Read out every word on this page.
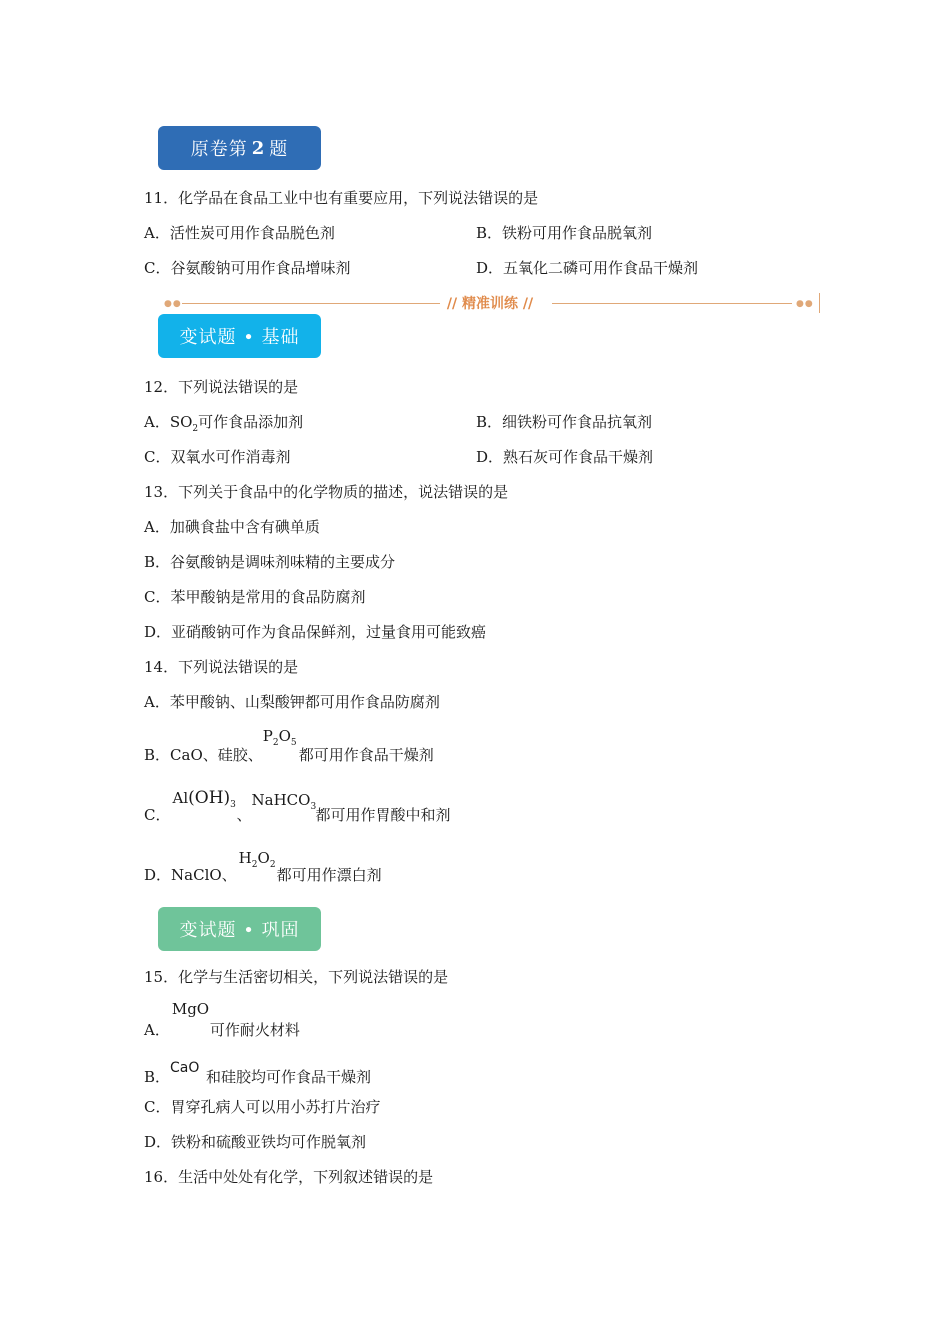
原卷第 2 题
11．化学品在食品工业中也有重要应用，下列说法错误的是
A．活性炭可用作食品脱色剂	B．铁粉可用作食品脱氧剂
C．谷氨酸钠可用作食品增味剂	D．五氧化二磷可用作食品干燥剂
●●	// 精准训练 //	●●
变试题 • 基础
12．下列说法错误的是
A．$SO_2$可作食品添加剂	B．细铁粉可作食品抗氧剂
C．双氧水可作消毒剂	D．熟石灰可作食品干燥剂
13．下列关于食品中的化学物质的描述，说法错误的是
A．加碘食盐中含有碘单质
B．谷氨酸钠是调味剂味精的主要成分
C．苯甲酸钠是常用的食品防腐剂
D．亚硝酸钠可作为食品保鲜剂，过量食用可能致癌
14．下列说法错误的是
A．苯甲酸钠、山梨酸钾都可用作食品防腐剂
B．CaO、硅胶、
$P_2O_5$
都可用作食品干燥剂
C．
$Al(OH)_3$
、
NaHCO$_3$ 都可用作胃酸中和剂
D．NaClO、
$H_2O_2$
都可用作漂白剂
变试题 • 巩固
15．化学与生活密切相关，下列说法错误的是
A．
MgO
可作耐火材料
B． CaO 和硅胶均可作食品干燥剂
C．胃穿孔病人可以用小苏打片治疗
D．铁粉和硫酸亚铁均可作脱氧剂
16．生活中处处有化学，下列叙述错误的是
